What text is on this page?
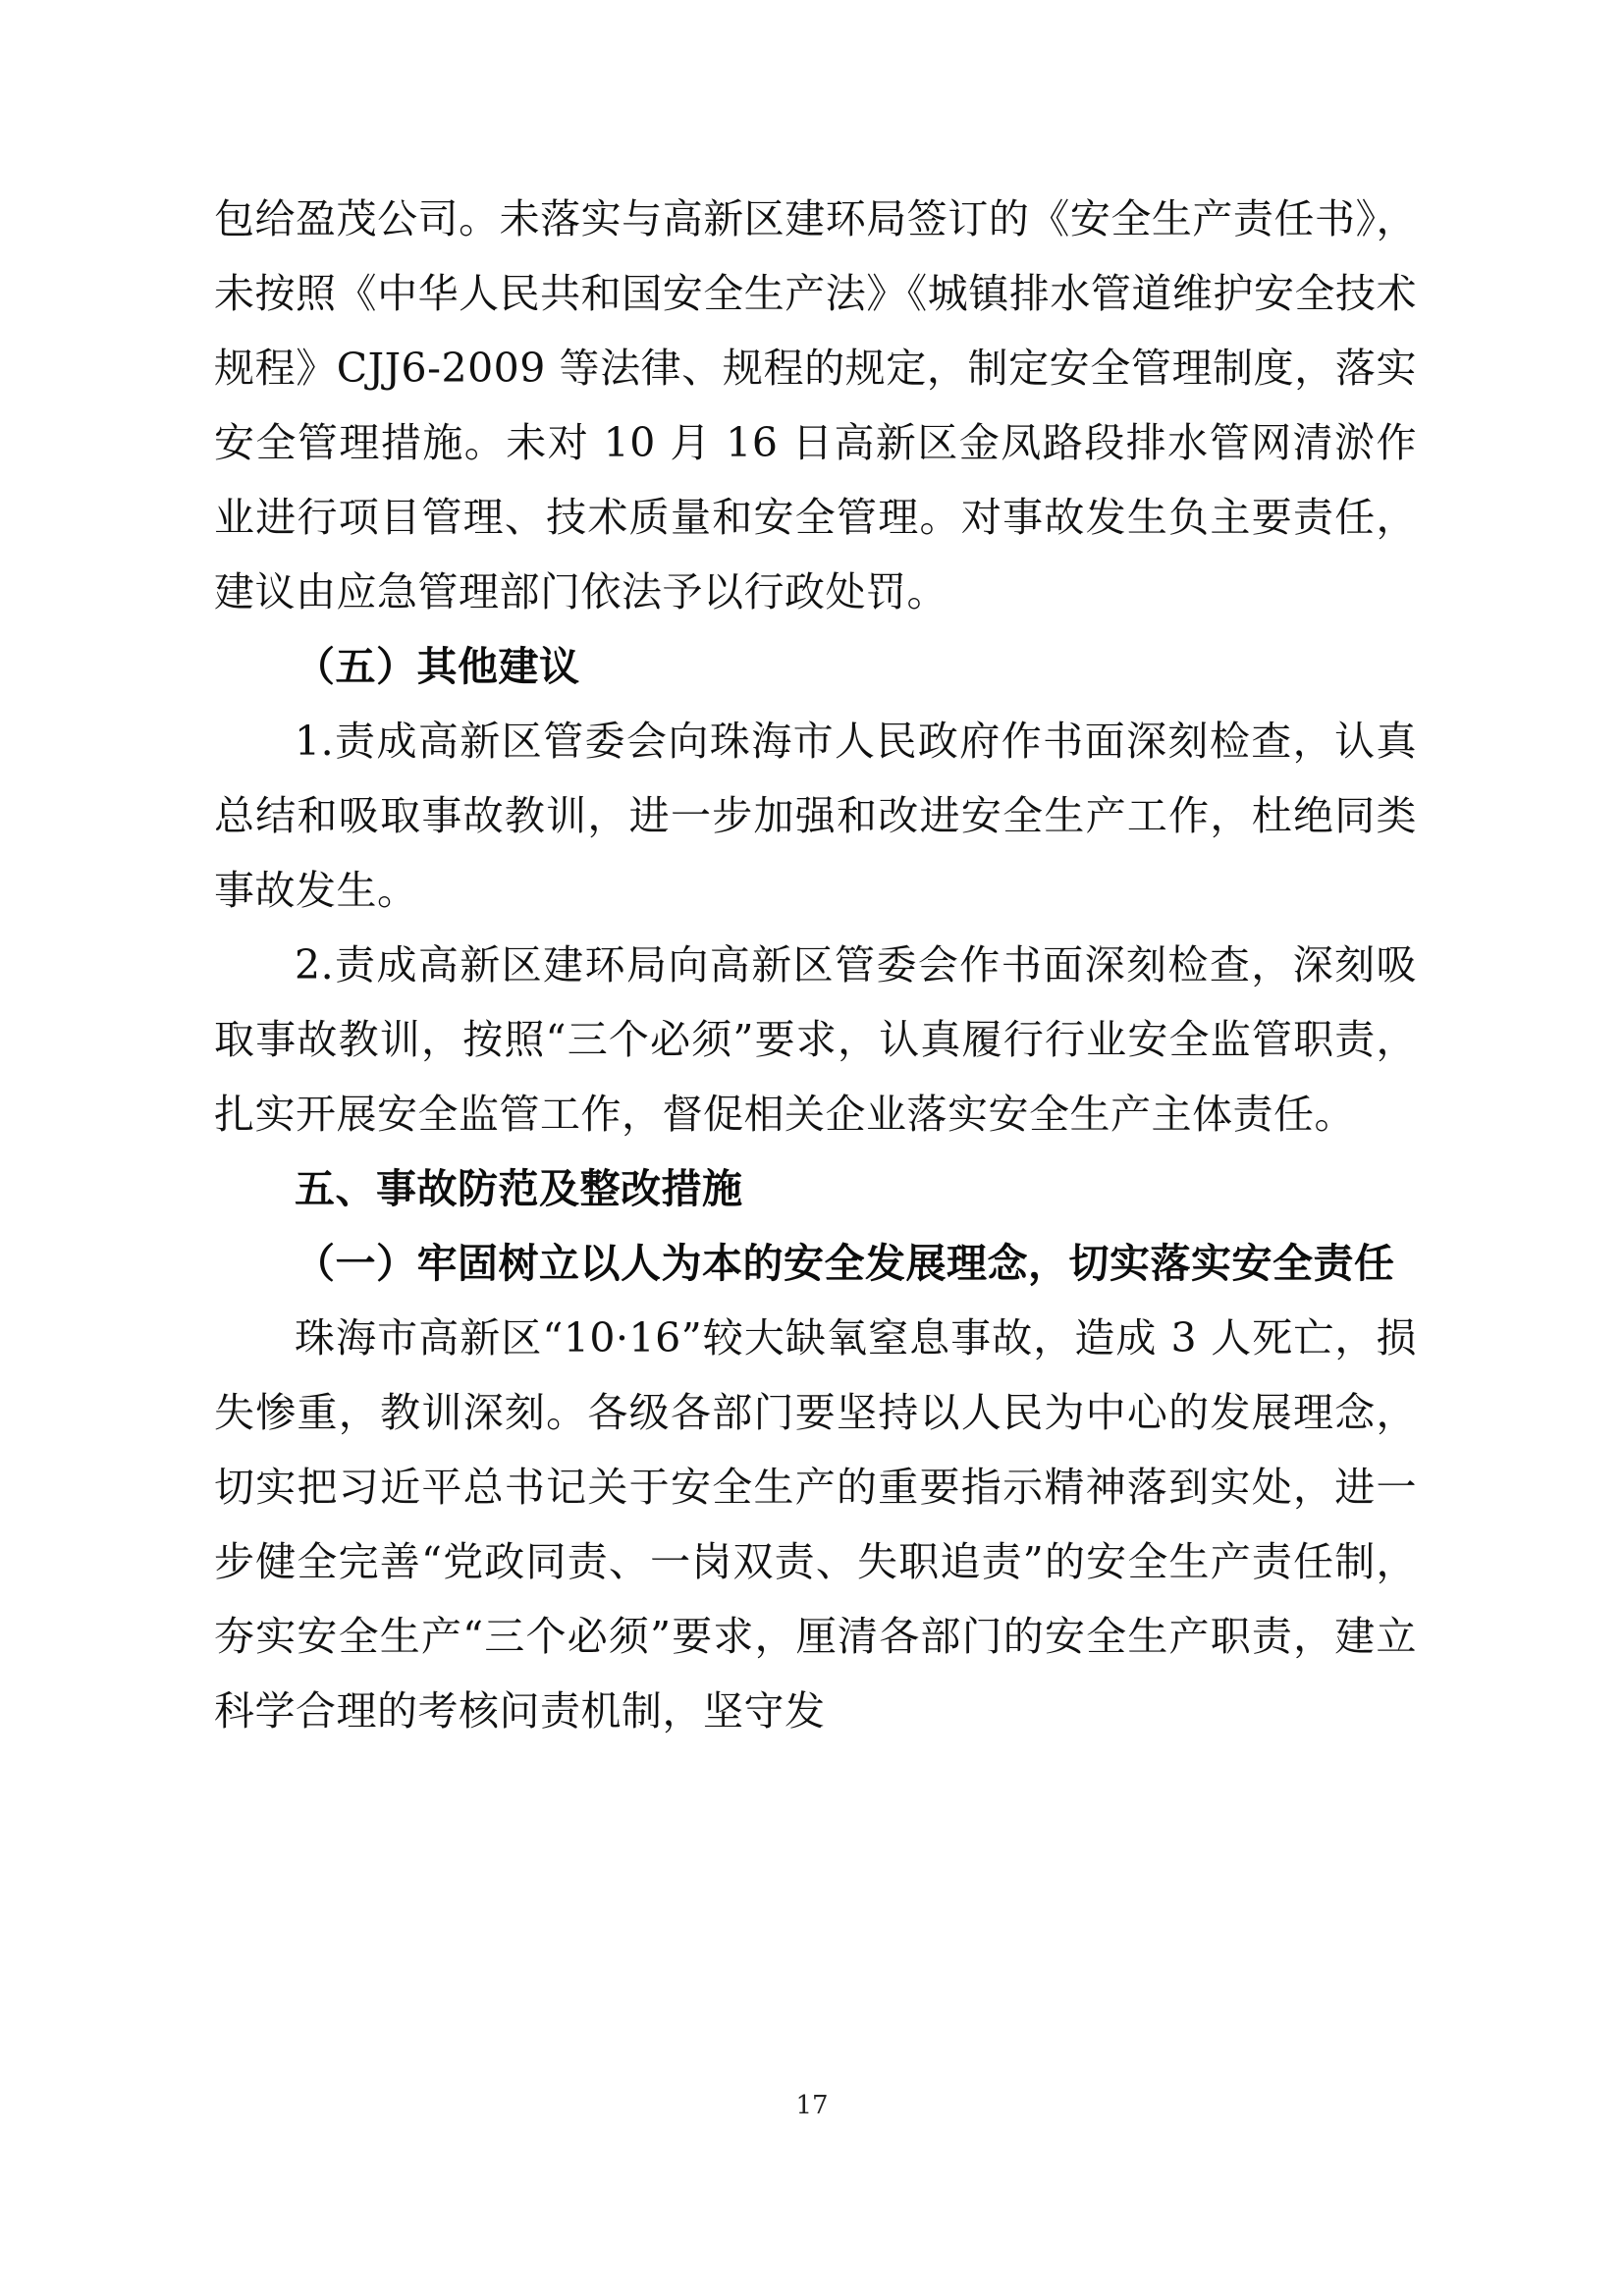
包给盈茂公司。未落实与高新区建环局签订的《安全生产责任书》，未按照《中华人民共和国安全生产法》《城镇排水管道维护安全技术规程》CJJ6-2009 等法律、规程的规定，制定安全管理制度，落实安全管理措施。未对 10 月 16 日高新区金凤路段排水管网清淤作业进行项目管理、技术质量和安全管理。对事故发生负主要责任，建议由应急管理部门依法予以行政处罚。

（五）其他建议

1.责成高新区管委会向珠海市人民政府作书面深刻检查，认真总结和吸取事故教训，进一步加强和改进安全生产工作，杜绝同类事故发生。

2.责成高新区建环局向高新区管委会作书面深刻检查，深刻吸取事故教训，按照“三个必须”要求，认真履行行业安全监管职责，扎实开展安全监管工作，督促相关企业落实安全生产主体责任。

五、事故防范及整改措施

（一）牢固树立以人为本的安全发展理念，切实落实安全责任

珠海市高新区“10·16”较大缺氧窒息事故，造成 3 人死亡，损失惨重，教训深刻。各级各部门要坚持以人民为中心的发展理念，切实把习近平总书记关于安全生产的重要指示精神落到实处，进一步健全完善“党政同责、一岗双责、失职追责”的安全生产责任制，夯实安全生产“三个必须”要求，厘清各部门的安全生产职责，建立科学合理的考核问责机制，坚守发

17
